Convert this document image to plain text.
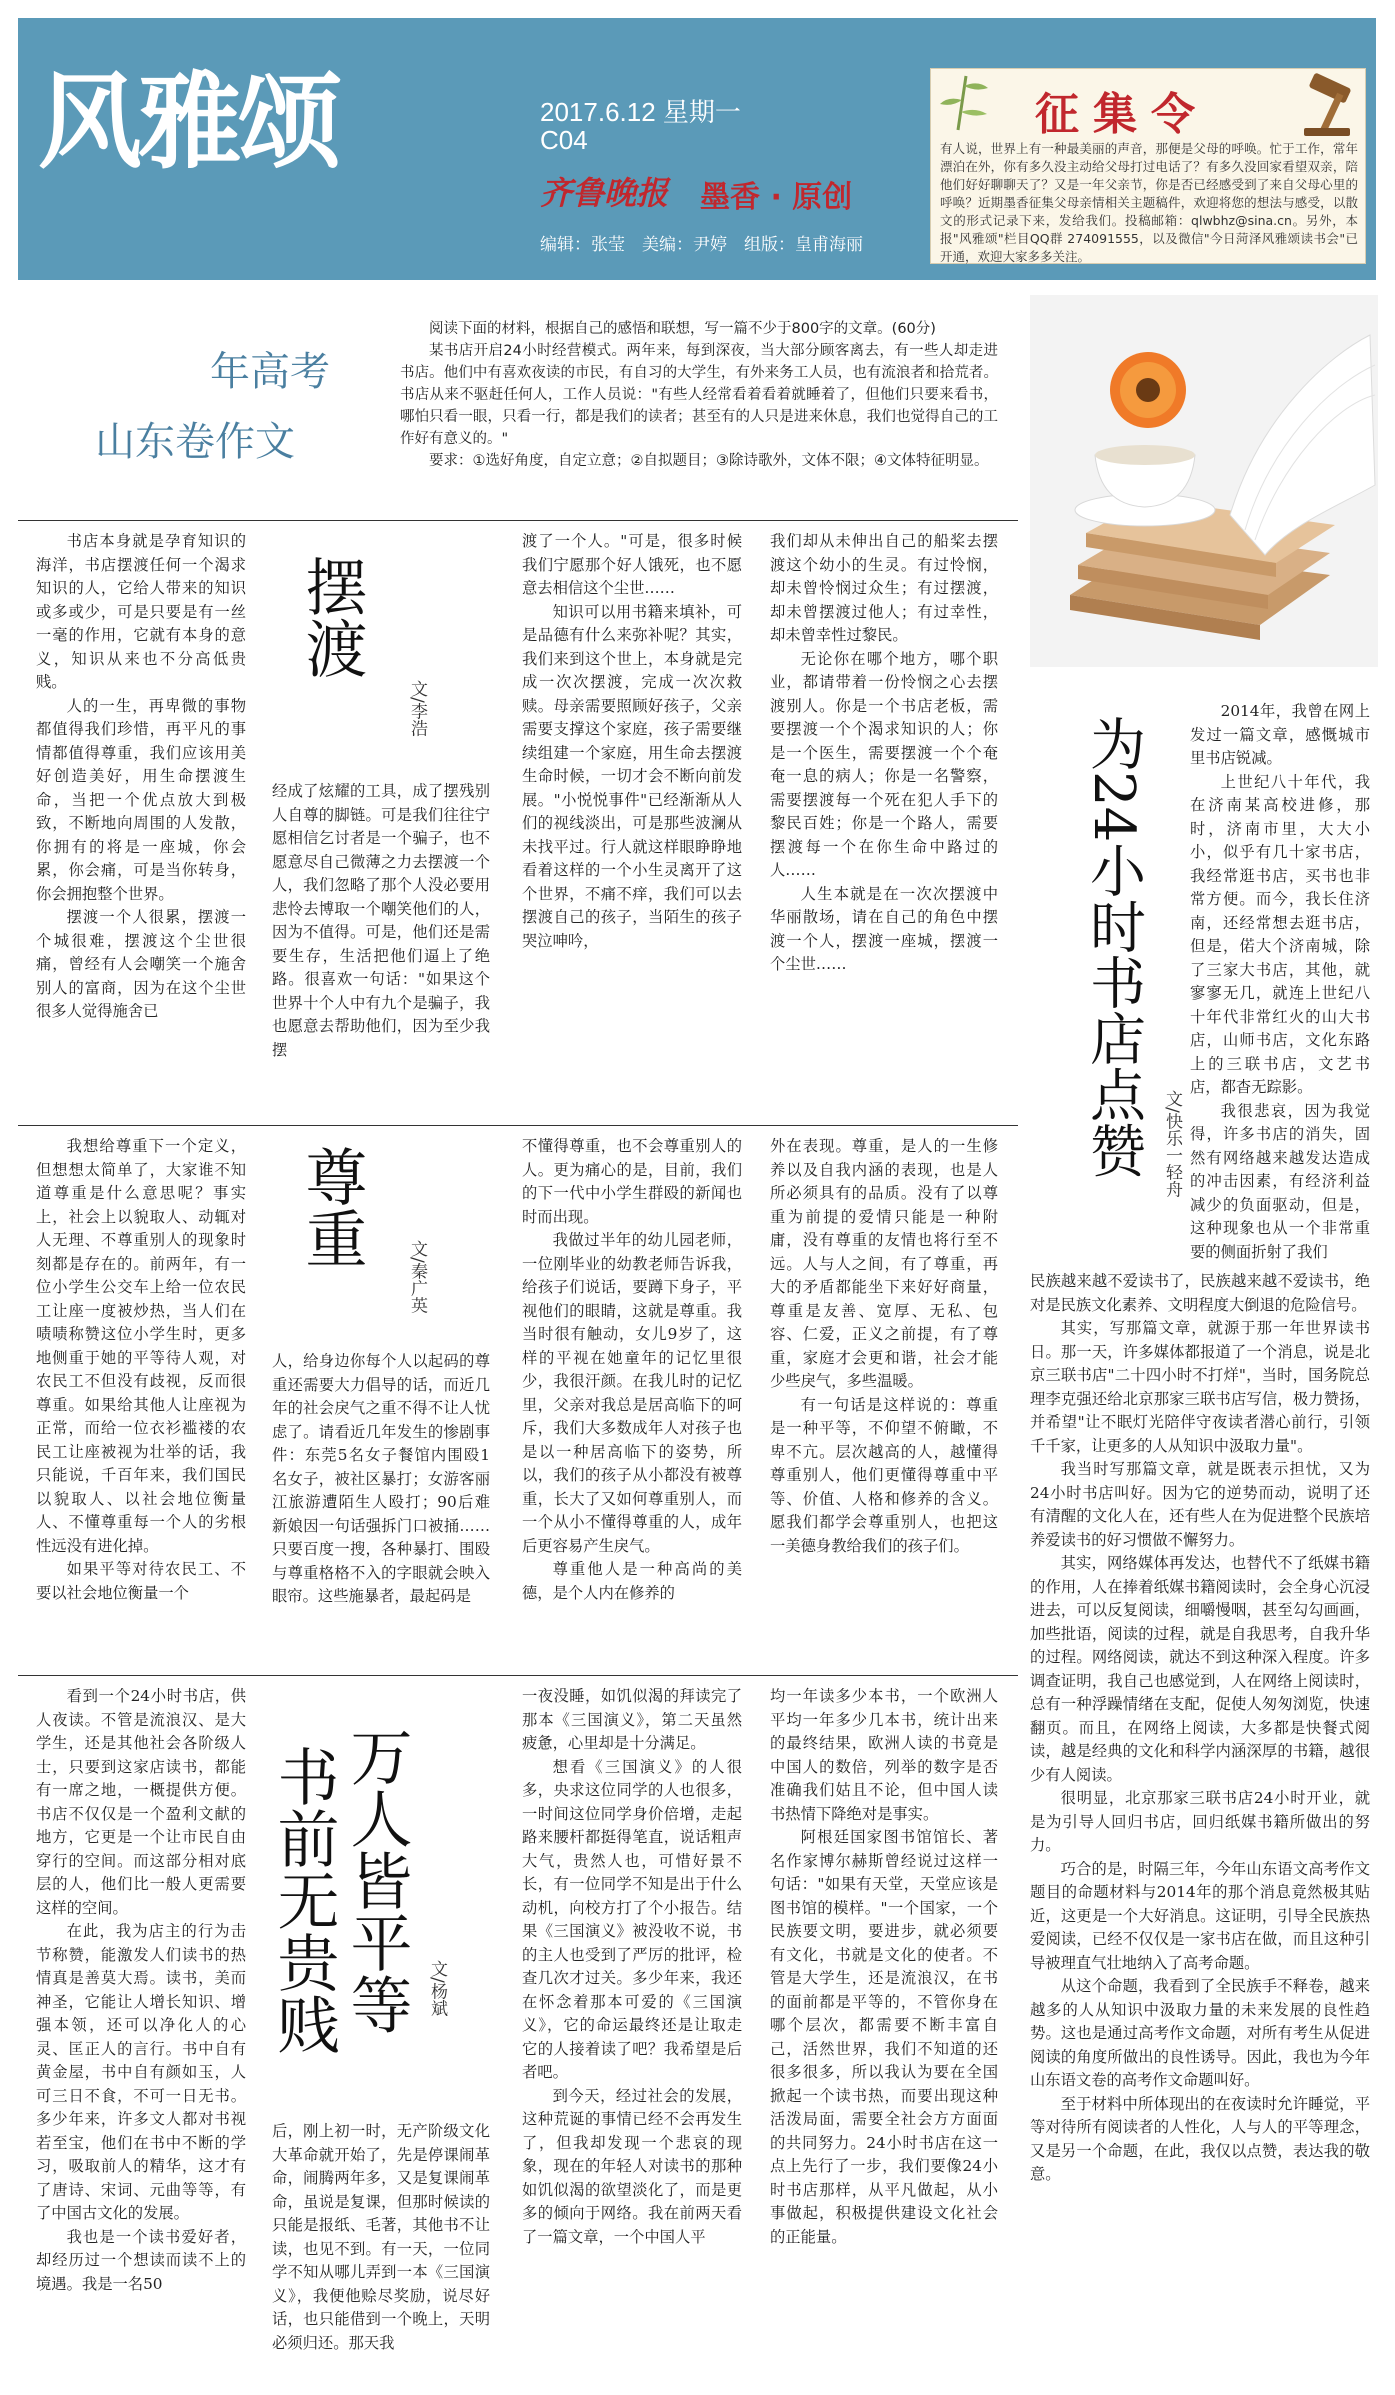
风雅颂	2017.6.12 星期一
C04
齐鲁晚报 墨香 · 原创
编辑：张莹　美编：尹婷　组版：皇甫海丽
征集令
有人说，世界上有一种最美丽的声音，那便是父母的呼唤。忙于工作，常年漂泊在外，你有多久没主动给父母打过电话了？有多久没回家看望双亲，陪他们好好聊聊天了？又是一年父亲节，你是否已经感受到了来自父母心里的呼唤？近期墨香征集父母亲情相关主题稿件，欢迎将您的想法与感受，以散文的形式记录下来，发给我们。投稿邮箱：qlwbhz@sina.cn。另外，本报"风雅颂"栏目QQ群 274091555，以及微信"今日菏泽风雅颂读书会"已开通，欢迎大家多多关注。
年高考
山东卷作文

阅读下面的材料，根据自己的感悟和联想，写一篇不少于800字的文章。(60分)

某书店开启24小时经营模式。两年来，每到深夜，当大部分顾客离去，有一些人却走进书店。他们中有喜欢夜读的市民，有自习的大学生，有外来务工人员，也有流浪者和拾荒者。书店从来不驱赶任何人，工作人员说："有些人经常看着看着就睡着了，但他们只要来看书，哪怕只看一眼，只看一行，都是我们的读者；甚至有的人只是进来休息，我们也觉得自己的工作好有意义的。"

要求：①选好角度，自定立意；②自拟题目；③除诗歌外，文体不限；④文体特征明显。

摆渡
文/李浩

书店本身就是孕育知识的海洋，书店摆渡任何一个渴求知识的人，它给人带来的知识或多或少，可是只要是有一丝一毫的作用，它就有本身的意义，知识从来也不分高低贵贱。

人的一生，再卑微的事物都值得我们珍惜，再平凡的事情都值得尊重，我们应该用美好创造美好，用生命摆渡生命，当把一个优点放大到极致，不断地向周围的人发散，你拥有的将是一座城，你会累，你会痛，可是当你转身，你会拥抱整个世界。

摆渡一个人很累，摆渡一个城很难，摆渡这个尘世很痛，曾经有人会嘲笑一个施舍别人的富商，因为在这个尘世很多人觉得施舍已

经成了炫耀的工具，成了摆残别人自尊的脚链。可是我们往往宁愿相信乞讨者是一个骗子，也不愿意尽自己微薄之力去摆渡一个人，我们忽略了那个人没必要用悲怜去博取一个嘲笑他们的人，因为不值得。可是，他们还是需要生存，生活把他们逼上了绝路。很喜欢一句话："如果这个世界十个人中有九个是骗子，我也愿意去帮助他们，因为至少我摆

渡了一个人。"可是，很多时候我们宁愿那个好人饿死，也不愿意去相信这个尘世……

知识可以用书籍来填补，可是品德有什么来弥补呢？其实，我们来到这个世上，本身就是完成一次次摆渡，完成一次次救赎。母亲需要照顾好孩子，父亲需要支撑这个家庭，孩子需要继续组建一个家庭，用生命去摆渡生命时候，一切才会不断向前发展。"小悦悦事件"已经渐渐从人们的视线淡出，可是那些波澜从未找平过。行人就这样眼睁睁地看着这样的一个小生灵离开了这个世界，不痛不痒，我们可以去摆渡自己的孩子，当陌生的孩子哭泣呻吟，

我们却从未伸出自己的船桨去摆渡这个幼小的生灵。有过怜悯，却未曾怜悯过众生；有过摆渡，却未曾摆渡过他人；有过幸性，却未曾幸性过黎民。

无论你在哪个地方，哪个职业，都请带着一份怜悯之心去摆渡别人。你是一个书店老板，需要摆渡一个个渴求知识的人；你是一个医生，需要摆渡一个个奄奄一息的病人；你是一名警察，需要摆渡每一个死在犯人手下的黎民百姓；你是一个路人，需要摆渡每一个在你生命中路过的人……

人生本就是在一次次摆渡中华丽散场，请在自己的角色中摆渡一个人，摆渡一座城，摆渡一个尘世……

尊重
文/秦广英

我想给尊重下一个定义，但想想太简单了，大家谁不知道尊重是什么意思呢？事实上，社会上以貌取人、动辄对人无理、不尊重别人的现象时刻都是存在的。前两年，有一位小学生公交车上给一位农民工让座一度被炒热，当人们在啧啧称赞这位小学生时，更多地侧重于她的平等待人观，对农民工不但没有歧视，反而很尊重。如果给其他人让座视为正常，而给一位衣衫褴褛的农民工让座被视为壮举的话，我只能说，千百年来，我们国民以貌取人、以社会地位衡量人、不懂尊重每一个人的劣根性远没有进化掉。

如果平等对待农民工、不要以社会地位衡量一个

人，给身边你每个人以起码的尊重还需要大力倡导的话，而近几年的社会戾气之重不得不让人忧虑了。请看近几年发生的惨剧事件：东莞5名女子餐馆内围殴1名女子，被社区暴打；女游客丽江旅游遭陌生人殴打；90后难新娘因一句话强拆门口被捅……只要百度一搜，各种暴打、围殴与尊重格格不入的字眼就会映入眼帘。这些施暴者，最起码是

不懂得尊重，也不会尊重别人的人。更为痛心的是，目前，我们的下一代中小学生群殴的新闻也时而出现。

我做过半年的幼儿园老师，一位刚毕业的幼教老师告诉我，给孩子们说话，要蹲下身子，平视他们的眼睛，这就是尊重。我当时很有触动，女儿9岁了，这样的平视在她童年的记忆里很少，我很汗颜。在我儿时的记忆里，父亲对我总是居高临下的呵斥，我们大多数成年人对孩子也是以一种居高临下的姿势，所以，我们的孩子从小都没有被尊重，长大了又如何尊重别人，而一个从小不懂得尊重的人，成年后更容易产生戾气。

尊重他人是一种高尚的美德，是个人内在修养的

外在表现。尊重，是人的一生修养以及自我内涵的表现，也是人所必须具有的品质。没有了以尊重为前提的爱情只能是一种附庸，没有尊重的友情也将行至不远。人与人之间，有了尊重，再大的矛盾都能坐下来好好商量，尊重是友善、宽厚、无私、包容、仁爱，正义之前提，有了尊重，家庭才会更和谐，社会才能少些戾气，多些温暖。

有一句话是这样说的：尊重是一种平等，不仰望不俯瞰，不卑不亢。层次越高的人，越懂得尊重别人，他们更懂得尊重中平等、价值、人格和修养的含义。愿我们都学会尊重别人，也把这一美德身教给我们的孩子们。

万人皆平等
书前无贵贱	文/杨斌

看到一个24小时书店，供人夜读。不管是流浪汉、是大学生，还是其他社会各阶级人士，只要到这家店读书，都能有一席之地，一概提供方便。书店不仅仅是一个盈利文献的地方，它更是一个让市民自由穿行的空间。而这部分相对底层的人，他们比一般人更需要这样的空间。

在此，我为店主的行为击节称赞，能激发人们读书的热情真是善莫大焉。读书，美而神圣，它能让人增长知识、增强本领，还可以净化人的心灵、匡正人的言行。书中自有黄金屋，书中自有颜如玉，人可三日不食，不可一日无书。多少年来，许多文人都对书视若至宝，他们在书中不断的学习，吸取前人的精华，这才有了唐诗、宋词、元曲等等，有了中国古文化的发展。

我也是一个读书爱好者，却经历过一个想读而读不上的境遇。我是一名50

后，刚上初一时，无产阶级文化大革命就开始了，先是停课闹革命，闹腾两年多，又是复课闹革命，虽说是复课，但那时候读的只能是报纸、毛著，其他书不让读，也见不到。有一天，一位同学不知从哪儿弄到一本《三国演义》，我便他赊尽奖励，说尽好话，也只能借到一个晚上，天明必须归还。那天我

一夜没睡，如饥似渴的拜读完了那本《三国演义》，第二天虽然疲惫，心里却是十分满足。

想看《三国演义》的人很多，央求这位同学的人也很多，一时间这位同学身价倍增，走起路来腰杆都挺得笔直，说话粗声大气，贵然人也，可惜好景不长，有一位同学不知是出于什么动机，向校方打了个小报告。结果《三国演义》被没收不说，书的主人也受到了严厉的批评，检查几次才过关。多少年来，我还在怀念着那本可爱的《三国演义》，它的命运最终还是让取走它的人接着读了吧？我希望是后者吧。

到今天，经过社会的发展，这种荒诞的事情已经不会再发生了，但我却发现一个悲哀的现象，现在的年轻人对读书的那种如饥似渴的欲望淡化了，而是更多的倾向于网络。我在前两天看了一篇文章，一个中国人平

均一年读多少本书，一个欧洲人平均一年多少几本书，统计出来的最终结果，欧洲人读的书竟是中国人的数倍，列举的数字是否准确我们姑且不论，但中国人读书热情下降绝对是事实。

阿根廷国家图书馆馆长、著名作家博尔赫斯曾经说过这样一句话："如果有天堂，天堂应该是图书馆的模样。"一个国家，一个民族要文明，要进步，就必须要有文化，书就是文化的使者。不管是大学生，还是流浪汉，在书的面前都是平等的，不管你身在哪个层次，都需要不断丰富自己，活然世界，我们不知道的还很多很多，所以我认为要在全国掀起一个读书热，而要出现这种活泼局面，需要全社会方方面面的共同努力。24小时书店在这一点上先行了一步，我们要像24小时书店那样，从平凡做起，从小事做起，积极提供建设文化社会的正能量。

为24小时书店点赞 文/快乐一轻舟

2014年，我曾在网上发过一篇文章，感慨城市里书店锐减。

上世纪八十年代，我在济南某高校进修，那时，济南市里，大大小小，似乎有几十家书店，我经常逛书店，买书也非常方便。而今，我长住济南，还经常想去逛书店，但是，偌大个济南城，除了三家大书店，其他，就寥寥无几，就连上世纪八十年代非常红火的山大书店，山师书店，文化东路上的三联书店，文艺书店，都杳无踪影。

我很悲哀，因为我觉得，许多书店的消失，固然有网络越来越发达造成的冲击因素，有经济利益减少的负面驱动，但是，这种现象也从一个非常重要的侧面折射了我们

民族越来越不爱读书了，民族越来越不爱读书，绝对是民族文化素养、文明程度大倒退的危险信号。

其实，写那篇文章，就源于那一年世界读书日。那一天，许多媒体都报道了一个消息，说是北京三联书店"二十四小时不打烊"，当时，国务院总理李克强还给北京那家三联书店写信，极力赞扬，并希望"让不眠灯光陪伴守夜读者潜心前行，引领千千家，让更多的人从知识中汲取力量"。

我当时写那篇文章，就是既表示担忧，又为24小时书店叫好。因为它的逆势而动，说明了还有清醒的文化人在，还有些人在为促进整个民族培养爱读书的好习惯做不懈努力。

其实，网络媒体再发达，也替代不了纸媒书籍的作用，人在捧着纸媒书籍阅读时，会全身心沉浸进去，可以反复阅读，细嚼慢咽，甚至勾勾画画，加些批语，阅读的过程，就是自我思考，自我升华的过程。网络阅读，就达不到这种深入程度。许多调查证明，我自己也感觉到，人在网络上阅读时，总有一种浮躁情绪在支配，促使人匆匆浏览，快速翻页。而且，在网络上阅读，大多都是快餐式阅读，越是经典的文化和科学内涵深厚的书籍，越很少有人阅读。

很明显，北京那家三联书店24小时开业，就是为引导人回归书店，回归纸媒书籍所做出的努力。

巧合的是，时隔三年，今年山东语文高考作文题目的命题材料与2014年的那个消息竟然极其贴近，这更是一个大好消息。这证明，引导全民族热爱阅读，已经不仅仅是一家书店在做，而且这种引导被理直气壮地纳入了高考命题。

从这个命题，我看到了全民族手不释卷，越来越多的人从知识中汲取力量的未来发展的良性趋势。这也是通过高考作文命题，对所有考生从促进阅读的角度所做出的良性诱导。因此，我也为今年山东语文卷的高考作文命题叫好。

至于材料中所体现出的在夜读时允许睡觉，平等对待所有阅读者的人性化，人与人的平等理念，又是另一个命题，在此，我仅以点赞，表达我的敬意。
